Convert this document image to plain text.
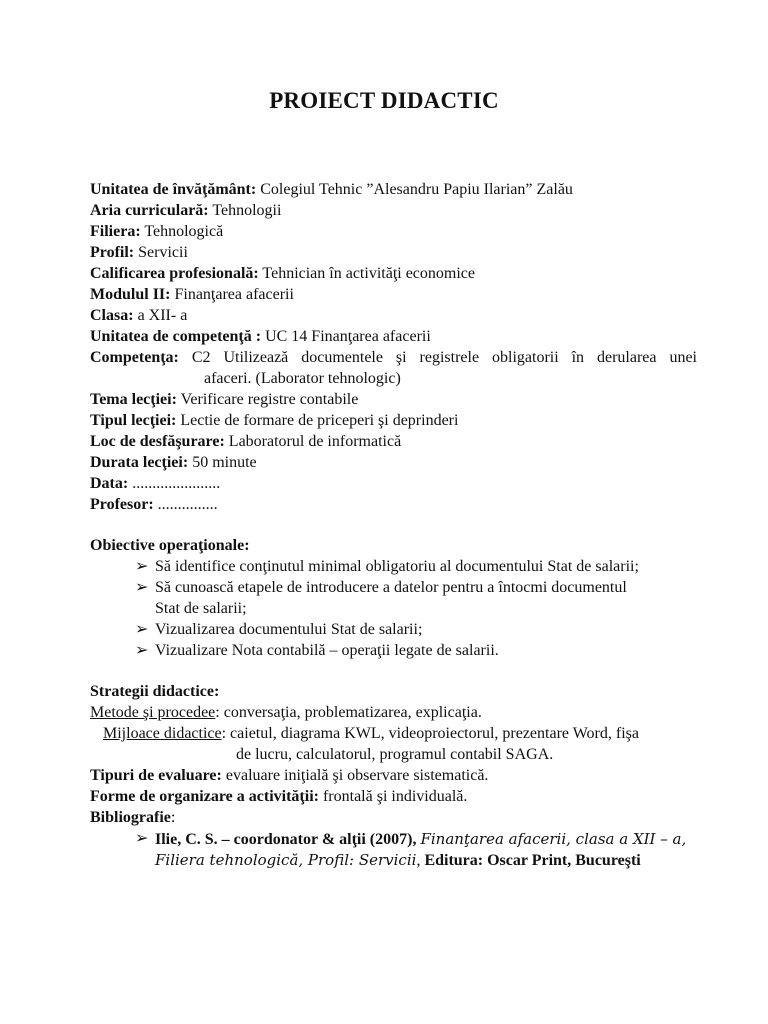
PROIECT DIDACTIC
Unitatea de învăţământ: Colegiul Tehnic ”Alesandru Papiu Ilarian” Zalău
Aria curriculară: Tehnologii
Filiera: Tehnologică
Profil: Servicii
Calificarea profesională: Tehnician în activităţi economice
Modulul II: Finanţarea afacerii
Clasa: a XII- a
Unitatea de competenţă : UC 14 Finanţarea afacerii
Competenţa: C2 Utilizează documentele şi registrele obligatorii în derularea unei
afaceri. (Laborator tehnologic)
Tema lecţiei: Verificare registre contabile
Tipul lecţiei: Lectie de formare de priceperi şi deprinderi
Loc de desfăşurare: Laboratorul de informatică
Durata lecţiei: 50 minute
Data: ......................
Profesor: ...............
Obiective operaţionale:
➢ Să identifice conţinutul minimal obligatoriu al documentului Stat de salarii;
➢ Să cunoască etapele de introducere a datelor pentru a întocmi documentul
Stat de salarii;
➢ Vizualizarea documentului Stat de salarii;
➢ Vizualizare Nota contabilă – operaţii legate de salarii.
Strategii didactice:
Metode şi procedee: conversaţia, problematizarea, explicaţia.
Mijloace didactice: caietul, diagrama KWL, videoproiectorul, prezentare Word, fişa
de lucru, calculatorul, programul contabil SAGA.
Tipuri de evaluare: evaluare iniţială şi observare sistematică.
Forme de organizare a activităţii: frontală şi individuală.
Bibliografie:
➢ Ilie, C. S. – coordonator & alţii (2007), Finanţarea afacerii, clasa a XII – a,
Filiera tehnologică, Profil: Servicii, Editura: Oscar Print, Bucureşti
